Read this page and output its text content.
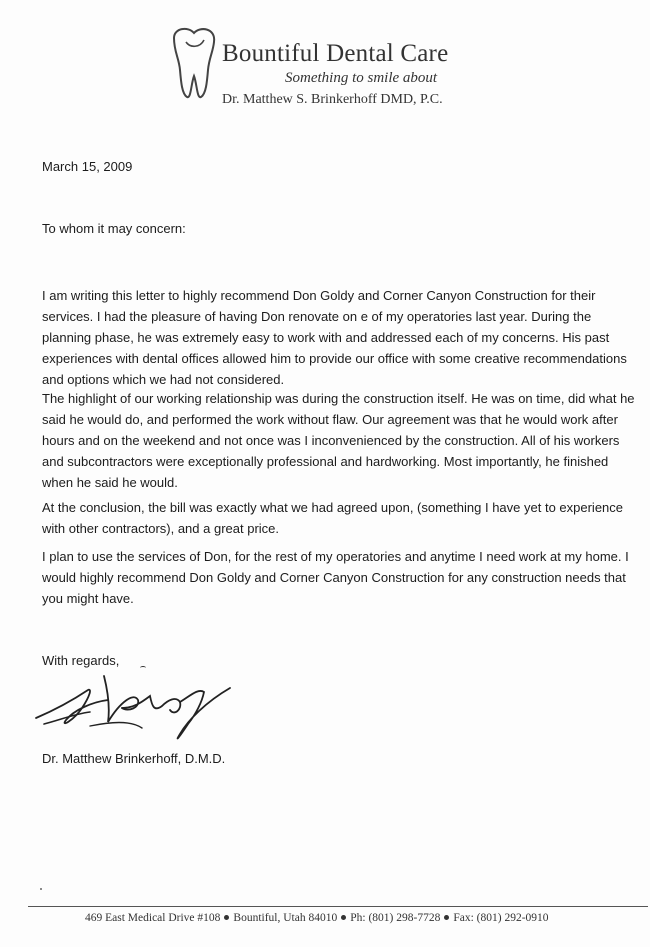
Bountiful Dental Care
Something to smile about
Dr. Matthew S. Brinkerhoff DMD, P.C.
March 15, 2009
To whom it may concern:
I am writing this letter to highly recommend Don Goldy and Corner Canyon Construction for their services. I had the pleasure of having Don renovate on e of my operatories last year. During the planning phase, he was extremely easy to work with and addressed each of my concerns. His past experiences with dental offices allowed him to provide our office with some creative recommendations and options which we had not considered.
The highlight of our working relationship was during the construction itself. He was on time, did what he said he would do, and performed the work without flaw. Our agreement was that he would work after hours and on the weekend and not once was I inconvenienced by the construction. All of his workers and subcontractors were exceptionally professional and hardworking. Most importantly, he finished when he said he would.
At the conclusion, the bill was exactly what we had agreed upon, (something I have yet to experience with other contractors), and a great price.
I plan to use the services of Don, for the rest of my operatories and anytime I need work at my home. I would highly recommend Don Goldy and Corner Canyon Construction for any construction needs that you might have.
With regards,
Dr. Matthew Brinkerhoff, D.M.D.
469 East Medical Drive #108 Bountiful, Utah 84010 Ph: (801) 298-7728 Fax: (801) 292-0910
